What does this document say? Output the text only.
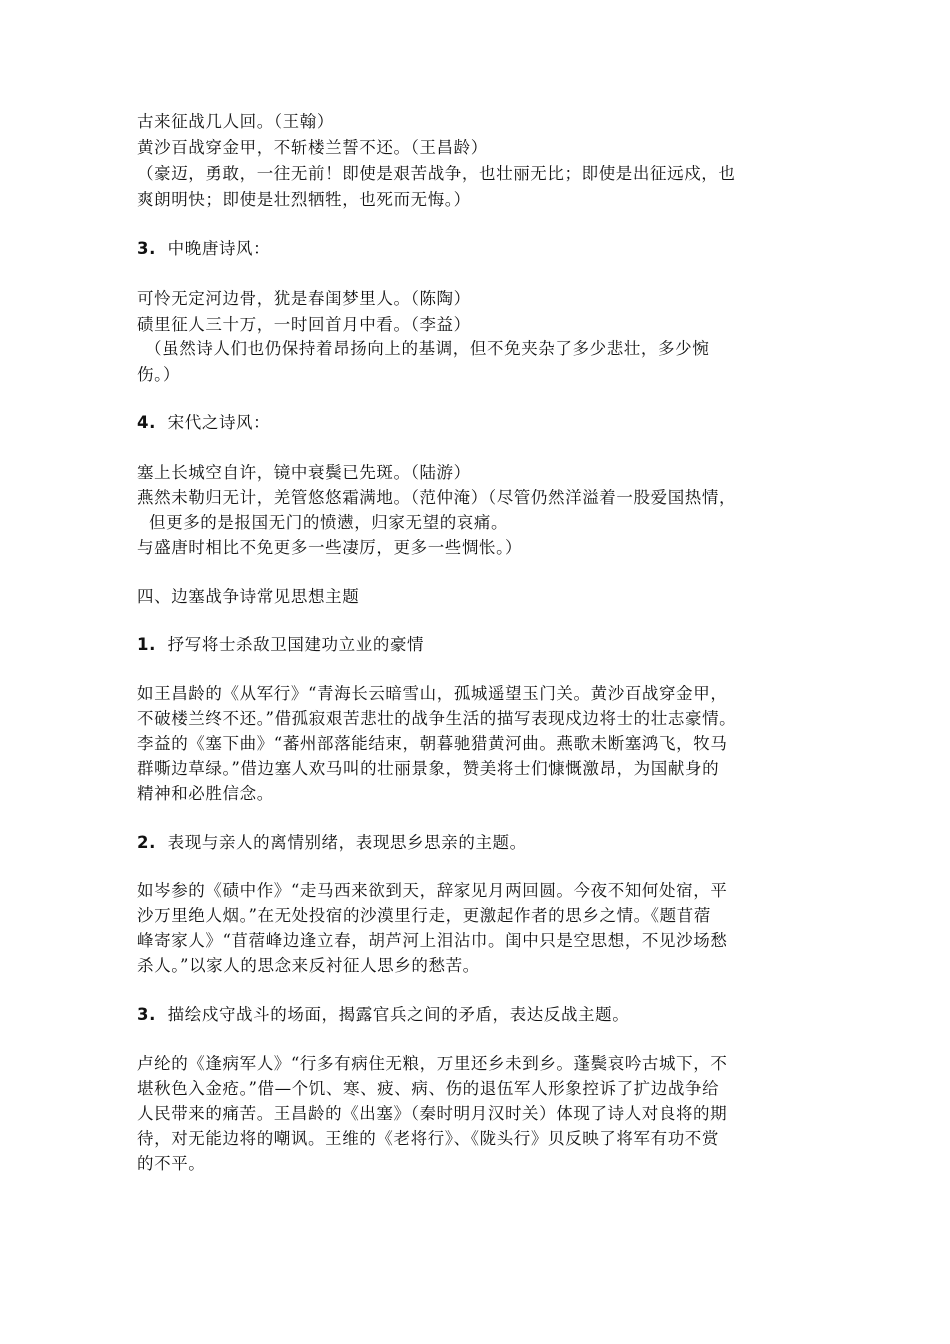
古来征战几人回。（王翰）
黄沙百战穿金甲，不斩楼兰誓不还。（王昌龄）
（豪迈，勇敢，一往无前！即使是艰苦战争，也壮丽无比；即使是出征远戍，也
爽朗明快；即使是壮烈牺牲，也死而无悔。）
3. 中晚唐诗风：
可怜无定河边骨，犹是春闺梦里人。（陈陶）
碛里征人三十万，一时回首月中看。（李益）
（虽然诗人们也仍保持着昂扬向上的基调，但不免夹杂了多少悲壮，多少惋
伤。）
4. 宋代之诗风：
塞上长城空自许，镜中衰鬓已先斑。（陆游）
燕然未勒归无计，羌管悠悠霜满地。（范仲淹）（尽管仍然洋溢着一股爱国热情，
但更多的是报国无门的愤懑，归家无望的哀痛。
与盛唐时相比不免更多一些凄厉，更多一些惆怅。）
四、边塞战争诗常见思想主题
1. 抒写将士杀敌卫国建功立业的豪情
如王昌龄的《从军行》“青海长云暗雪山，孤城遥望玉门关。黄沙百战穿金甲，
不破楼兰终不还。”借孤寂艰苦悲壮的战争生活的描写表现戍边将士的壮志豪情。
李益的《塞下曲》“蕃州部落能结束，朝暮驰猎黄河曲。燕歌未断塞鸿飞，牧马
群嘶边草绿。”借边塞人欢马叫的壮丽景象，赞美将士们慷慨激昂，为国献身的
精神和必胜信念。
2. 表现与亲人的离情别绪，表现思乡思亲的主题。
如岑参的《碛中作》“走马西来欲到天，辞家见月两回圆。今夜不知何处宿，平
沙万里绝人烟。”在无处投宿的沙漠里行走，更激起作者的思乡之情。《题苜蓿
峰寄家人》“苜蓿峰边逢立春，胡芦河上泪沾巾。闺中只是空思想，不见沙场愁
杀人。”以家人的思念来反衬征人思乡的愁苦。
3. 描绘戍守战斗的场面，揭露官兵之间的矛盾，表达反战主题。
卢纶的《逢病军人》“行多有病住无粮，万里还乡未到乡。蓬鬓哀吟古城下，不
堪秋色入金疮。”借—个饥、寒、疲、病、伤的退伍军人形象控诉了扩边战争给
人民带来的痛苦。王昌龄的《出塞》（秦时明月汉时关）体现了诗人对良将的期
待，对无能边将的嘲讽。王维的《老将行》、《陇头行》贝反映了将军有功不赏
的不平。
